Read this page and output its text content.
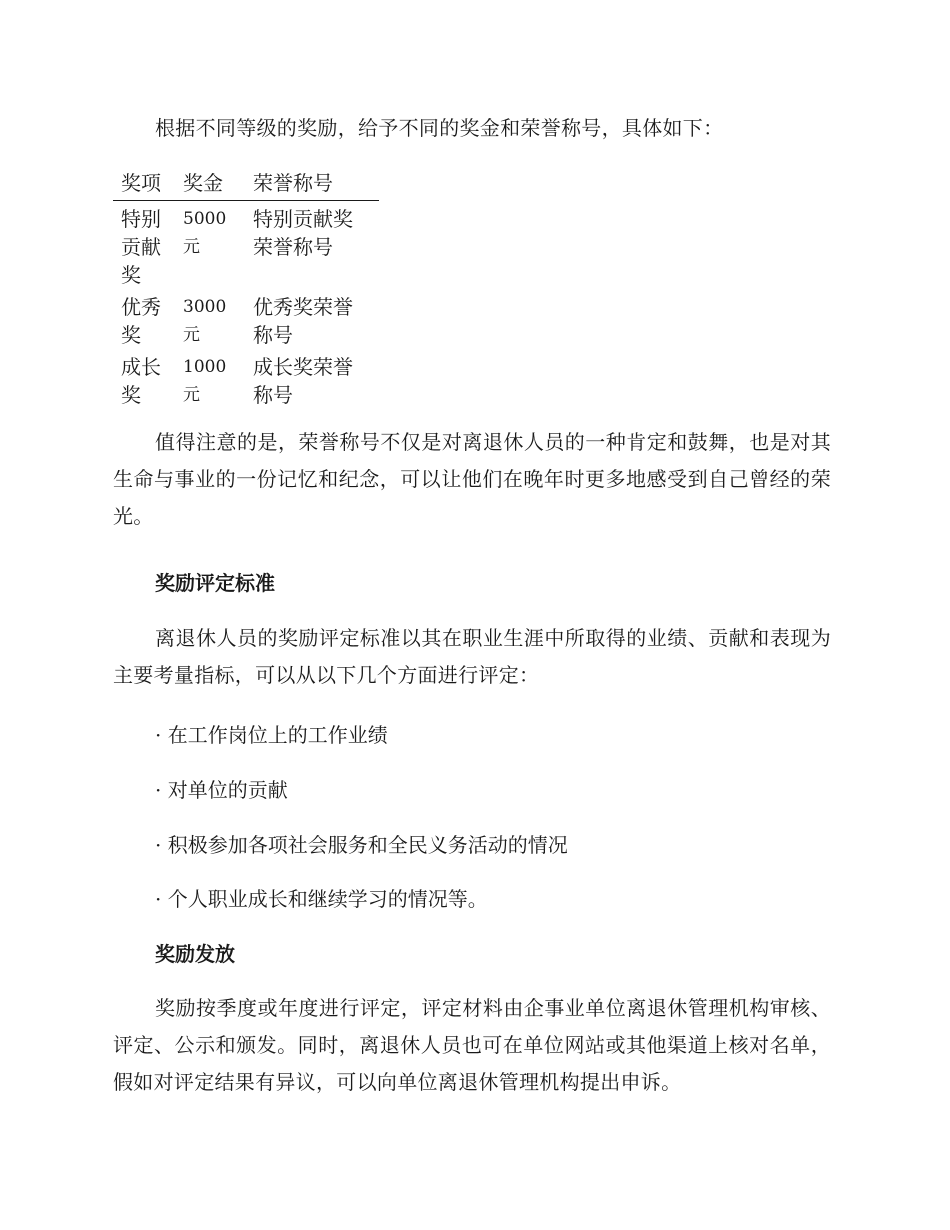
根据不同等级的奖励，给予不同的奖金和荣誉称号，具体如下：

奖项	奖金	荣誉称号
特别贡献奖	5000元	特别贡献奖荣誉称号
优秀奖	3000元	优秀奖荣誉称号
成长奖	1000元	成长奖荣誉称号

值得注意的是，荣誉称号不仅是对离退休人员的一种肯定和鼓舞，也是对其生命与事业的一份记忆和纪念，可以让他们在晚年时更多地感受到自己曾经的荣光。

奖励评定标准

离退休人员的奖励评定标准以其在职业生涯中所取得的业绩、贡献和表现为主要考量指标，可以从以下几个方面进行评定：

· 在工作岗位上的工作业绩

· 对单位的贡献

· 积极参加各项社会服务和全民义务活动的情况

· 个人职业成长和继续学习的情况等。

奖励发放

奖励按季度或年度进行评定，评定材料由企事业单位离退休管理机构审核、评定、公示和颁发。同时，离退休人员也可在单位网站或其他渠道上核对名单，假如对评定结果有异议，可以向单位离退休管理机构提出申诉。
